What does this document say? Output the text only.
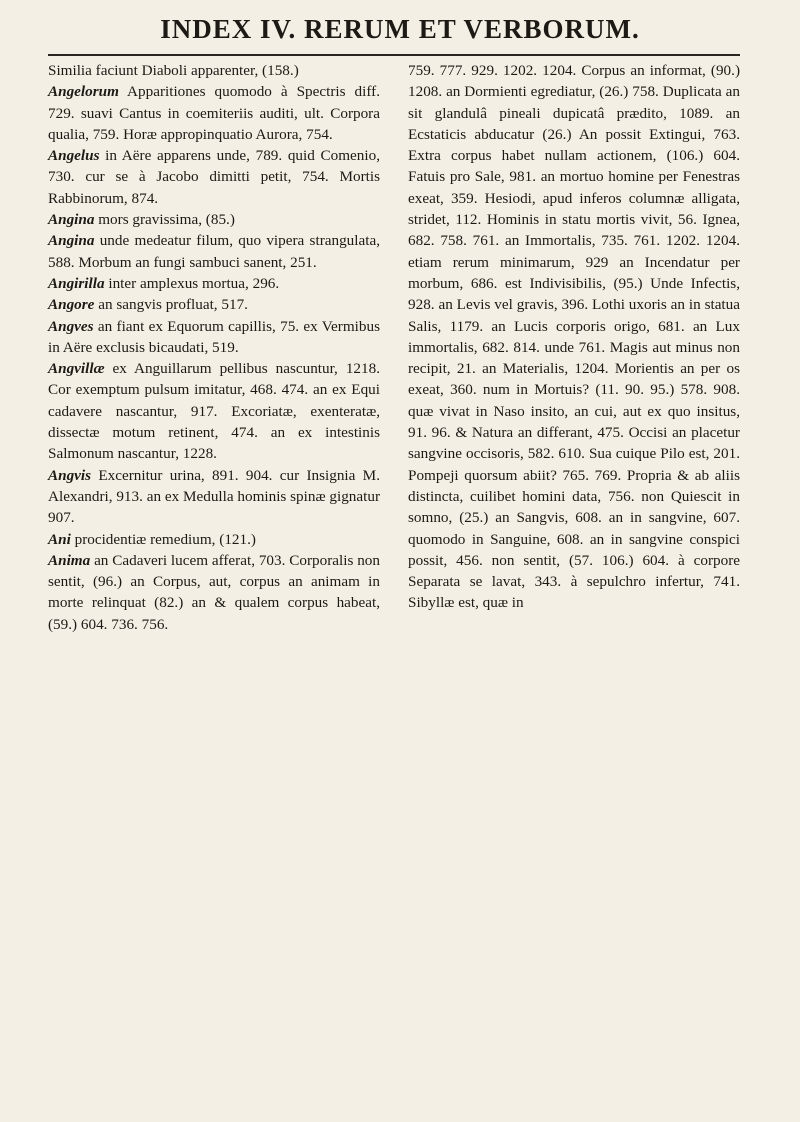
INDEX IV. RERUM ET VERBORUM.

Similia faciunt Diaboli apparenter, (158.)

Angelorum Apparitiones quomodo à Spectris diff. 729. suavi Cantus in coemiteriis auditi, ult. Corpora qualia, 759. Horæ appropinquatio Aurora, 754.

Angelus in Aëre apparens unde, 789. quid Comenio, 730. cur se à Jacobo dimitti petit, 754. Mortis Rabbinorum, 874.

Angina mors gravissima, (85.)

Angina unde medeatur filum, quo vipera strangulata, 588. Morbum an fungi sambuci sanent, 251.

Angirilla inter amplexus mortua, 296.

Angore an sangvis profluat, 517.

Angves an fiant ex Equorum capillis, 75. ex Vermibus in Aëre exclusis bicaudati, 519.

Angvillæ ex Anguillarum pellibus nascuntur, 1218. Cor exemptum pulsum imitatur, 468. 474. an ex Equi cadavere nascantur, 917. Excoriatæ, exenteratæ, dissectæ motum retinent, 474. an ex intestinis Salmonum nascantur, 1228.

Angvis Excernitur urina, 891. 904. cur Insignia M. Alexandri, 913. an ex Medulla hominis spinæ gignatur 907.

Ani procidentiæ remedium, (121.)

Anima an Cadaveri lucem afferat, 703. Corporalis non sentit, (96.) an Corpus, aut, corpus an animam in morte relinquat (82.) an & qualem corpus habeat, (59.) 604. 736. 756.

759. 777. 929. 1202. 1204. Corpus an informat, (90.) 1208. an Dormienti egrediatur, (26.) 758. Duplicata an sit glandulâ pineali dupicatâ prædito, 1089. an Ecstaticis abducatur (26.) An possit Extingui, 763. Extra corpus habet nullam actionem, (106.) 604. Fatuis pro Sale, 981. an mortuo homine per Fenestras exeat, 359. Hesiodi, apud inferos columnæ alligata, stridet, 112. Hominis in statu mortis vivit, 56. Ignea, 682. 758. 761. an Immortalis, 735. 761. 1202. 1204. etiam rerum minimarum, 929 an Incendatur per morbum, 686. est Indivisibilis, (95.) Unde Infectis, 928. an Levis vel gravis, 396. Lothi uxoris an in statua Salis, 1179. an Lucis corporis origo, 681. an Lux immortalis, 682. 814. unde 761. Magis aut minus non recipit, 21. an Materialis, 1204. Morientis an per os exeat, 360. num in Mortuis? (11. 90. 95.) 578. 908. quæ vivat in Naso insito, an cui, aut ex quo insitus, 91. 96. & Natura an differant, 475. Occisi an placetur sangvine occisoris, 582. 610. Sua cuique Pilo est, 201. Pompeji quorsum abiit? 765. 769. Propria & ab aliis distincta, cuilibet homini data, 756. non Quiescit in somno, (25.) an Sangvis, 608. an in sangvine, 607. quomodo in Sanguine, 608. an in sangvine conspici possit, 456. non sentit, (57. 106.) 604. à corpore Separata se lavat, 343. à sepulchro infertur, 741. Sibyllæ est, quæ in
